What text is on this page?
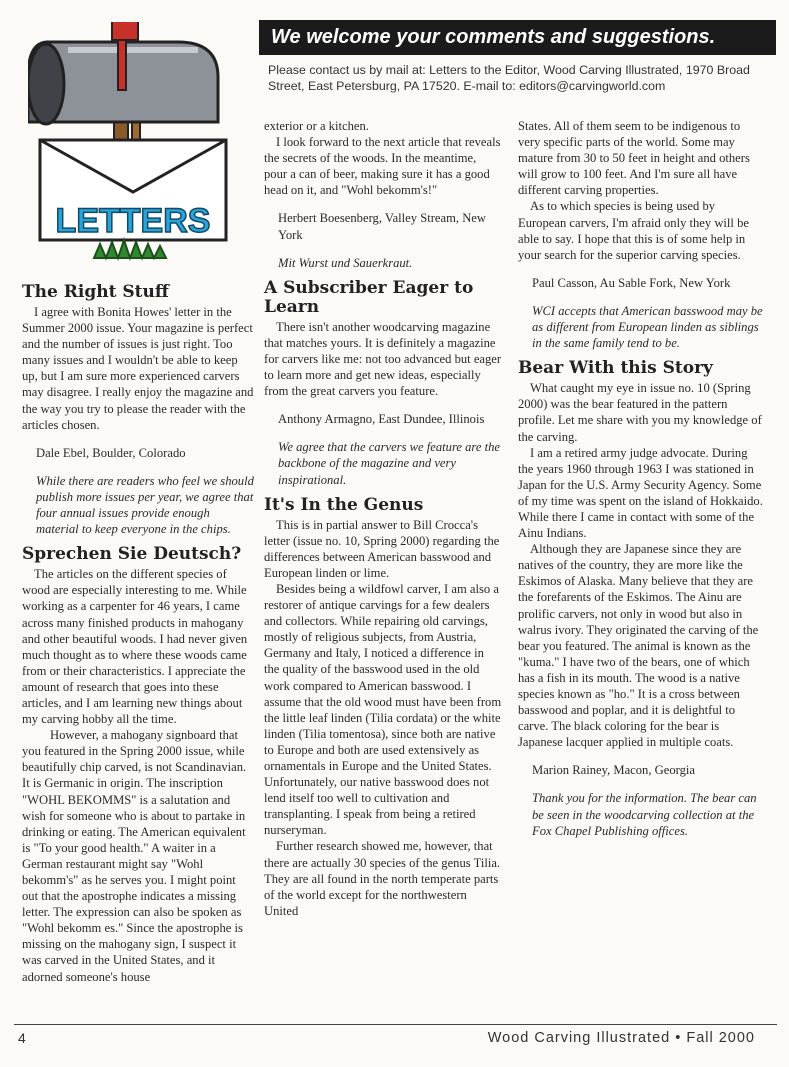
LETTERS
We welcome your comments and suggestions.
Please contact us by mail at: Letters to the Editor, Wood Carving Illustrated, 1970 Broad Street, East Petersburg, PA 17520. E-mail to: editors@carvingworld.com
The Right Stuff

I agree with Bonita Howes' letter in the Summer 2000 issue. Your magazine is perfect and the number of issues is just right. Too many issues and I wouldn't be able to keep up, but I am sure more experienced carvers may disagree. I really enjoy the magazine and the way you try to please the reader with the articles chosen.

Dale Ebel, Boulder, Colorado

While there are readers who feel we should publish more issues per year, we agree that four annual issues provide enough material to keep everyone in the chips.

Sprechen Sie Deutsch?

The articles on the different species of wood are especially interesting to me. While working as a carpenter for 46 years, I came across many finished products in mahogany and other beautiful woods. I had never given much thought as to where these woods came from or their characteristics. I appreciate the amount of research that goes into these articles, and I am learning new things about my carving hobby all the time.

However, a mahogany signboard that you featured in the Spring 2000 issue, while beautifully chip carved, is not Scandinavian. It is Germanic in origin. The inscription "WOHL BEKOMMS" is a salutation and wish for someone who is about to partake in drinking or eating. The American equivalent is "To your good health." A waiter in a German restaurant might say "Wohl bekomm's" as he serves you. I might point out that the apostrophe indicates a missing letter. The expression can also be spoken as "Wohl bekomm es." Since the apostrophe is missing on the mahogany sign, I suspect it was carved in the United States, and it adorned someone's house

exterior or a kitchen.

I look forward to the next article that reveals the secrets of the woods. In the meantime, pour a can of beer, making sure it has a good head on it, and "Wohl bekomm's!"

Herbert Boesenberg, Valley Stream, New York

Mit Wurst und Sauerkraut.

A Subscriber Eager to Learn

There isn't another woodcarving magazine that matches yours. It is definitely a magazine for carvers like me: not too advanced but eager to learn more and get new ideas, especially from the great carvers you feature.

Anthony Armagno, East Dundee, Illinois

We agree that the carvers we feature are the backbone of the magazine and very inspirational.

It's In the Genus

This is in partial answer to Bill Crocca's letter (issue no. 10, Spring 2000) regarding the differences between American basswood and European linden or lime.

Besides being a wildfowl carver, I am also a restorer of antique carvings for a few dealers and collectors. While repairing old carvings, mostly of religious subjects, from Austria, Germany and Italy, I noticed a difference in the quality of the basswood used in the old work compared to American basswood. I assume that the old wood must have been from the little leaf linden (Tilia cordata) or the white linden (Tilia tomentosa), since both are native to Europe and both are used extensively as ornamentals in Europe and the United States. Unfortunately, our native basswood does not lend itself too well to cultivation and transplanting. I speak from being a retired nurseryman.

Further research showed me, however, that there are actually 30 species of the genus Tilia. They are all found in the north temperate parts of the world except for the northwestern United

States. All of them seem to be indigenous to very specific parts of the world. Some may mature from 30 to 50 feet in height and others will grow to 100 feet. And I'm sure all have different carving properties.

As to which species is being used by European carvers, I'm afraid only they will be able to say. I hope that this is of some help in your search for the superior carving species.

Paul Casson, Au Sable Fork, New York

WCI accepts that American basswood may be as different from European linden as siblings in the same family tend to be.

Bear With this Story

What caught my eye in issue no. 10 (Spring 2000) was the bear featured in the pattern profile. Let me share with you my knowledge of the carving.

I am a retired army judge advocate. During the years 1960 through 1963 I was stationed in Japan for the U.S. Army Security Agency. Some of my time was spent on the island of Hokkaido. While there I came in contact with some of the Ainu Indians.

Although they are Japanese since they are natives of the country, they are more like the Eskimos of Alaska. Many believe that they are the forefarents of the Eskimos. The Ainu are prolific carvers, not only in wood but also in walrus ivory. They originated the carving of the bear you featured. The animal is known as the "kuma." I have two of the bears, one of which has a fish in its mouth. The wood is a native species known as "ho." It is a cross between basswood and poplar, and it is delightful to carve. The black coloring for the bear is Japanese lacquer applied in multiple coats.

Marion Rainey, Macon, Georgia

Thank you for the information. The bear can be seen in the woodcarving collection at the Fox Chapel Publishing offices.

4	Wood Carving Illustrated • Fall 2000
